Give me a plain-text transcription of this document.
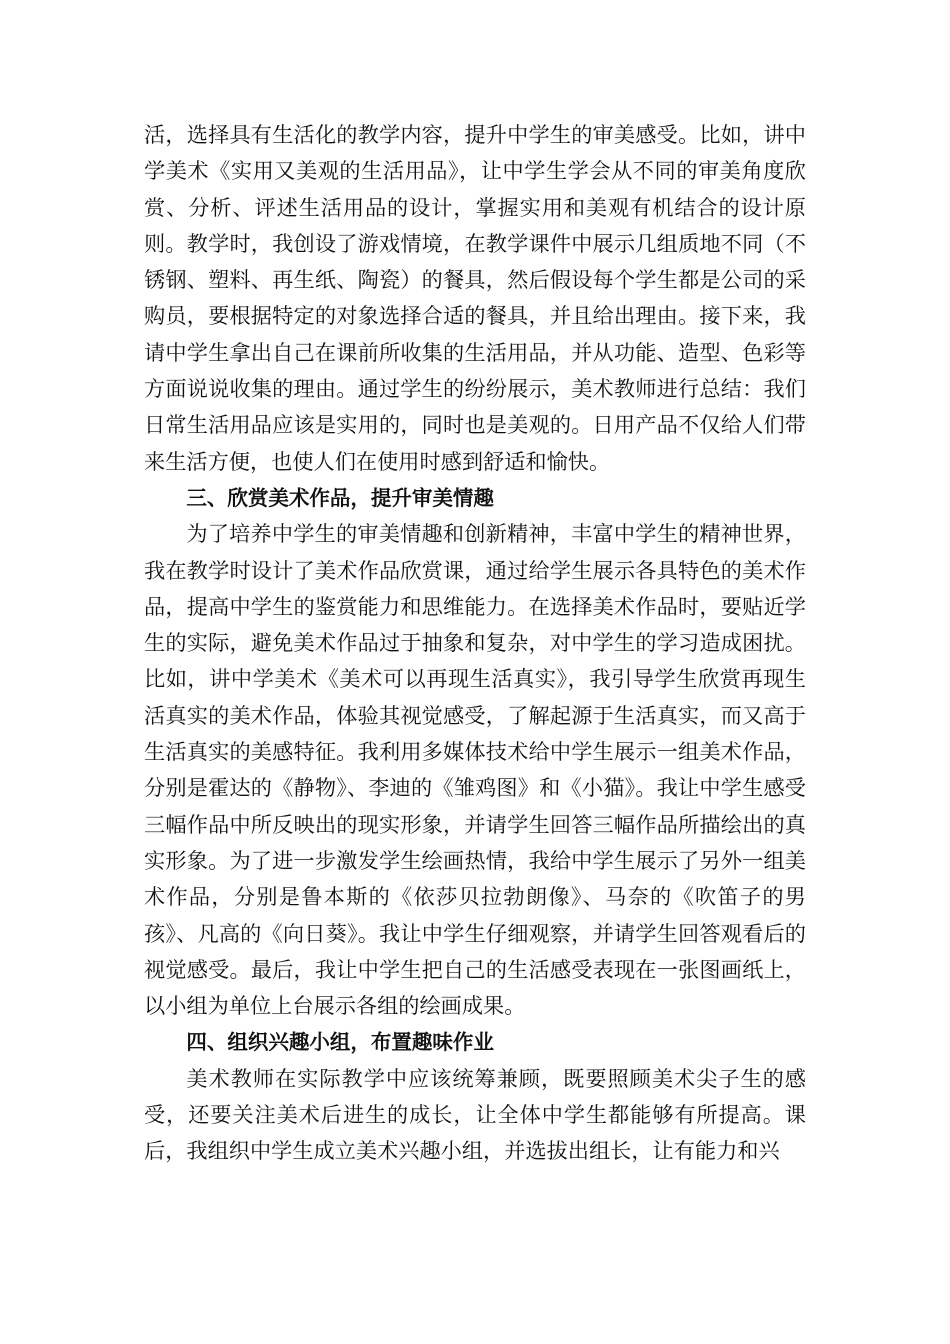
活，选择具有生活化的教学内容，提升中学生的审美感受。比如，讲中学美术《实用又美观的生活用品》，让中学生学会从不同的审美角度欣赏、分析、评述生活用品的设计，掌握实用和美观有机结合的设计原则。教学时，我创设了游戏情境，在教学课件中展示几组质地不同（不锈钢、塑料、再生纸、陶瓷）的餐具，然后假设每个学生都是公司的采购员，要根据特定的对象选择合适的餐具，并且给出理由。接下来，我请中学生拿出自己在课前所收集的生活用品，并从功能、造型、色彩等方面说说收集的理由。通过学生的纷纷展示，美术教师进行总结：我们日常生活用品应该是实用的，同时也是美观的。日用产品不仅给人们带来生活方便，也使人们在使用时感到舒适和愉快。

三、欣赏美术作品，提升审美情趣

为了培养中学生的审美情趣和创新精神，丰富中学生的精神世界，我在教学时设计了美术作品欣赏课，通过给学生展示各具特色的美术作品，提高中学生的鉴赏能力和思维能力。在选择美术作品时，要贴近学生的实际，避免美术作品过于抽象和复杂，对中学生的学习造成困扰。比如，讲中学美术《美术可以再现生活真实》，我引导学生欣赏再现生活真实的美术作品，体验其视觉感受，了解起源于生活真实，而又高于生活真实的美感特征。我利用多媒体技术给中学生展示一组美术作品，分别是霍达的《静物》、李迪的《雏鸡图》和《小猫》。我让中学生感受三幅作品中所反映出的现实形象，并请学生回答三幅作品所描绘出的真实形象。为了进一步激发学生绘画热情，我给中学生展示了另外一组美术作品，分别是鲁本斯的《依莎贝拉勃朗像》、马奈的《吹笛子的男孩》、凡高的《向日葵》。我让中学生仔细观察，并请学生回答观看后的视觉感受。最后，我让中学生把自己的生活感受表现在一张图画纸上，以小组为单位上台展示各组的绘画成果。

四、组织兴趣小组，布置趣味作业

美术教师在实际教学中应该统筹兼顾，既要照顾美术尖子生的感受，还要关注美术后进生的成长，让全体中学生都能够有所提高。课后，我组织中学生成立美术兴趣小组，并选拔出组长，让有能力和兴
